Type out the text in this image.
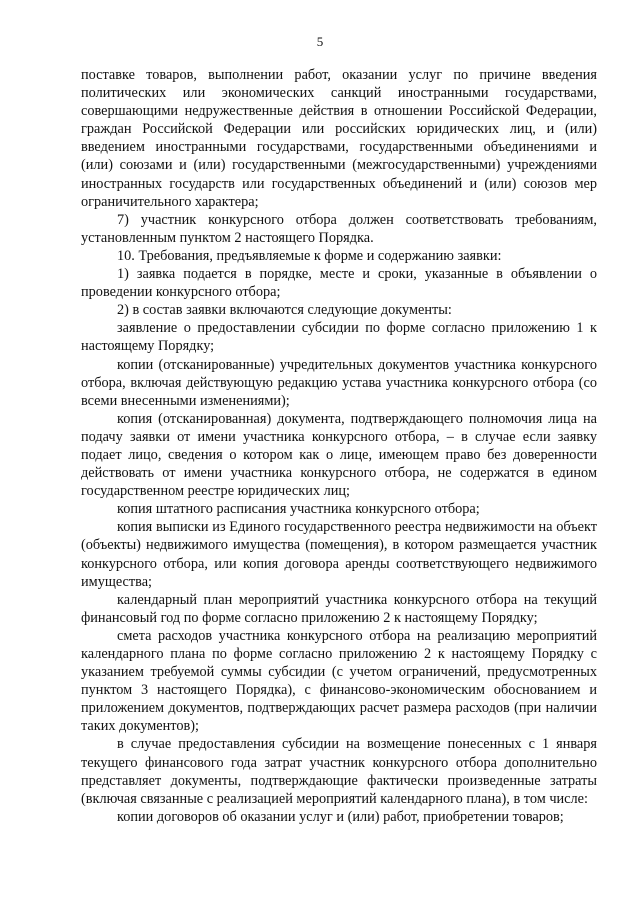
5

поставке товаров, выполнении работ, оказании услуг по причине введения политических или экономических санкций иностранными государствами, совершающими недружественные действия в отношении Российской Федерации, граждан Российской Федерации или российских юридических лиц, и (или) введением иностранными государствами, государственными объединениями и (или) союзами и (или) государственными (межгосударственными) учреждениями иностранных государств или государственных объединений и (или) союзов мер ограничительного характера;

7) участник конкурсного отбора должен соответствовать требованиям, установленным пунктом 2 настоящего Порядка.

10. Требования, предъявляемые к форме и содержанию заявки:

1) заявка подается в порядке, месте и сроки, указанные в объявлении о проведении конкурсного отбора;

2) в состав заявки включаются следующие документы:

заявление о предоставлении субсидии по форме согласно приложению 1 к настоящему Порядку;

копии (отсканированные) учредительных документов участника конкурсного отбора, включая действующую редакцию устава участника конкурсного отбора (со всеми внесенными изменениями);

копия (отсканированная) документа, подтверждающего полномочия лица на подачу заявки от имени участника конкурсного отбора, – в случае если заявку подает лицо, сведения о котором как о лице, имеющем право без доверенности действовать от имени участника конкурсного отбора, не содержатся в едином государственном реестре юридических лиц;

копия штатного расписания участника конкурсного отбора;

копия выписки из Единого государственного реестра недвижимости на объект (объекты) недвижимого имущества (помещения), в котором размещается участник конкурсного отбора, или копия договора аренды соответствующего недвижимого имущества;

календарный план мероприятий участника конкурсного отбора на текущий финансовый год по форме согласно приложению 2 к настоящему Порядку;

смета расходов участника конкурсного отбора на реализацию мероприятий календарного плана по форме согласно приложению 2 к настоящему Порядку с указанием требуемой суммы субсидии (с учетом ограничений, предусмотренных пунктом 3 настоящего Порядка), с финансово-экономическим обоснованием и приложением документов, подтверждающих расчет размера расходов (при наличии таких документов);

в случае предоставления субсидии на возмещение понесенных с 1 января текущего финансового года затрат участник конкурсного отбора дополнительно представляет документы, подтверждающие фактически произведенные затраты (включая связанные с реализацией мероприятий календарного плана), в том числе:

копии договоров об оказании услуг и (или) работ, приобретении товаров;
